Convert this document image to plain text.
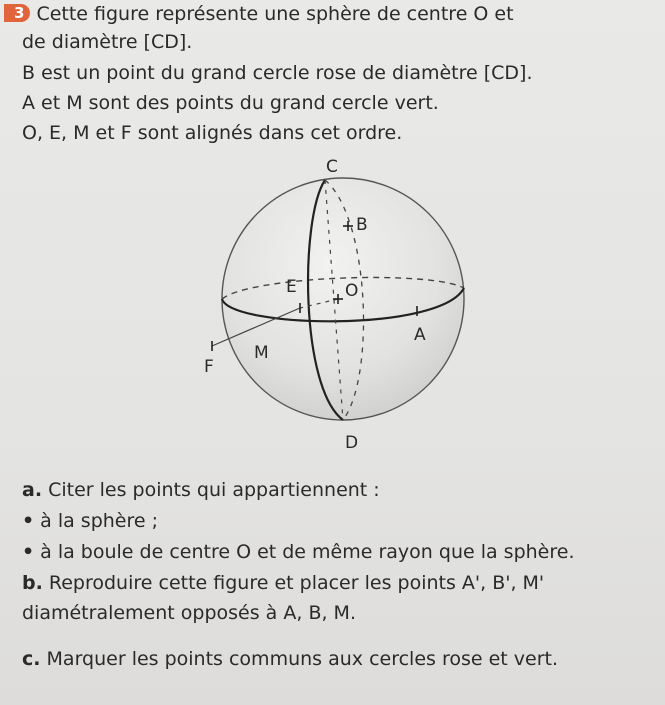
3 Cette figure représente une sphère de centre O et
de diamètre [CD].
B est un point du grand cercle rose de diamètre [CD].
A et M sont des points du grand cercle vert.
O, E, M et F sont alignés dans cet ordre.
C
B
E	O
A
M
F
D
a. Citer les points qui appartiennent :
• à la sphère ;
• à la boule de centre O et de même rayon que la sphère.
b. Reproduire cette figure et placer les points A', B', M'
diamétralement opposés à A, B, M.
c. Marquer les points communs aux cercles rose et vert.
